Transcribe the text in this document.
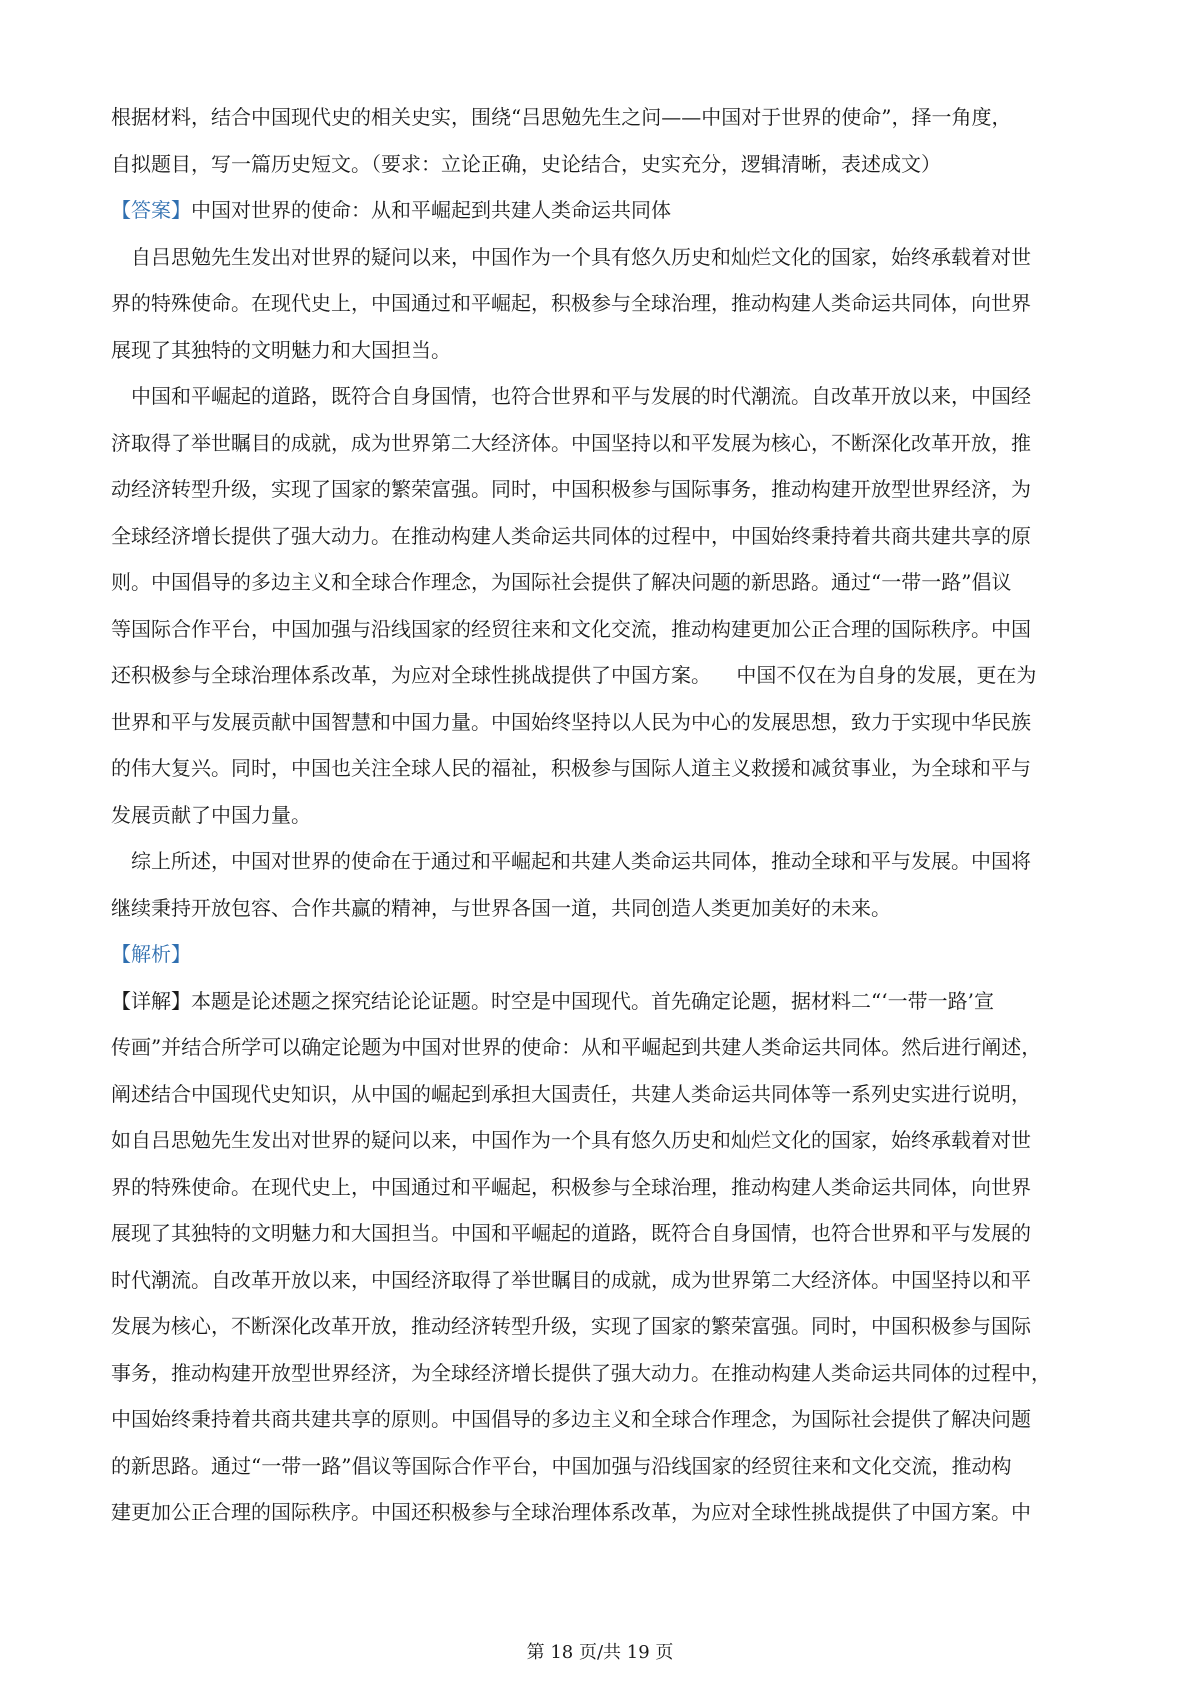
根据材料，结合中国现代史的相关史实，围绕“吕思勉先生之问——中国对于世界的使命”，择一角度，

自拟题目，写一篇历史短文。（要求：立论正确，史论结合，史实充分，逻辑清晰，表述成文）

【答案】中国对世界的使命：从和平崛起到共建人类命运共同体

自吕思勉先生发出对世界的疑问以来，中国作为一个具有悠久历史和灿烂文化的国家，始终承载着对世

界的特殊使命。在现代史上，中国通过和平崛起，积极参与全球治理，推动构建人类命运共同体，向世界

展现了其独特的文明魅力和大国担当。

中国和平崛起的道路，既符合自身国情，也符合世界和平与发展的时代潮流。自改革开放以来，中国经

济取得了举世瞩目的成就，成为世界第二大经济体。中国坚持以和平发展为核心，不断深化改革开放，推

动经济转型升级，实现了国家的繁荣富强。同时，中国积极参与国际事务，推动构建开放型世界经济，为

全球经济增长提供了强大动力。在推动构建人类命运共同体的过程中，中国始终秉持着共商共建共享的原

则。中国倡导的多边主义和全球合作理念，为国际社会提供了解决问题的新思路。通过“一带一路”倡议

等国际合作平台，中国加强与沿线国家的经贸往来和文化交流，推动构建更加公正合理的国际秩序。中国

还积极参与全球治理体系改革，为应对全球性挑战提供了中国方案。    中国不仅在为自身的发展，更在为

世界和平与发展贡献中国智慧和中国力量。中国始终坚持以人民为中心的发展思想，致力于实现中华民族

的伟大复兴。同时，中国也关注全球人民的福祉，积极参与国际人道主义救援和减贫事业，为全球和平与

发展贡献了中国力量。

综上所述，中国对世界的使命在于通过和平崛起和共建人类命运共同体，推动全球和平与发展。中国将

继续秉持开放包容、合作共赢的精神，与世界各国一道，共同创造人类更加美好的未来。

【解析】

【详解】本题是论述题之探究结论论证题。时空是中国现代。首先确定论题，据材料二“‘一带一路’宣

传画”并结合所学可以确定论题为中国对世界的使命：从和平崛起到共建人类命运共同体。然后进行阐述，

阐述结合中国现代史知识，从中国的崛起到承担大国责任，共建人类命运共同体等一系列史实进行说明，

如自吕思勉先生发出对世界的疑问以来，中国作为一个具有悠久历史和灿烂文化的国家，始终承载着对世

界的特殊使命。在现代史上，中国通过和平崛起，积极参与全球治理，推动构建人类命运共同体，向世界

展现了其独特的文明魅力和大国担当。中国和平崛起的道路，既符合自身国情，也符合世界和平与发展的

时代潮流。自改革开放以来，中国经济取得了举世瞩目的成就，成为世界第二大经济体。中国坚持以和平

发展为核心，不断深化改革开放，推动经济转型升级，实现了国家的繁荣富强。同时，中国积极参与国际

事务，推动构建开放型世界经济，为全球经济增长提供了强大动力。在推动构建人类命运共同体的过程中，

中国始终秉持着共商共建共享的原则。中国倡导的多边主义和全球合作理念，为国际社会提供了解决问题

的新思路。通过“一带一路”倡议等国际合作平台，中国加强与沿线国家的经贸往来和文化交流，推动构

建更加公正合理的国际秩序。中国还积极参与全球治理体系改革，为应对全球性挑战提供了中国方案。中

第 18 页/共 19 页
